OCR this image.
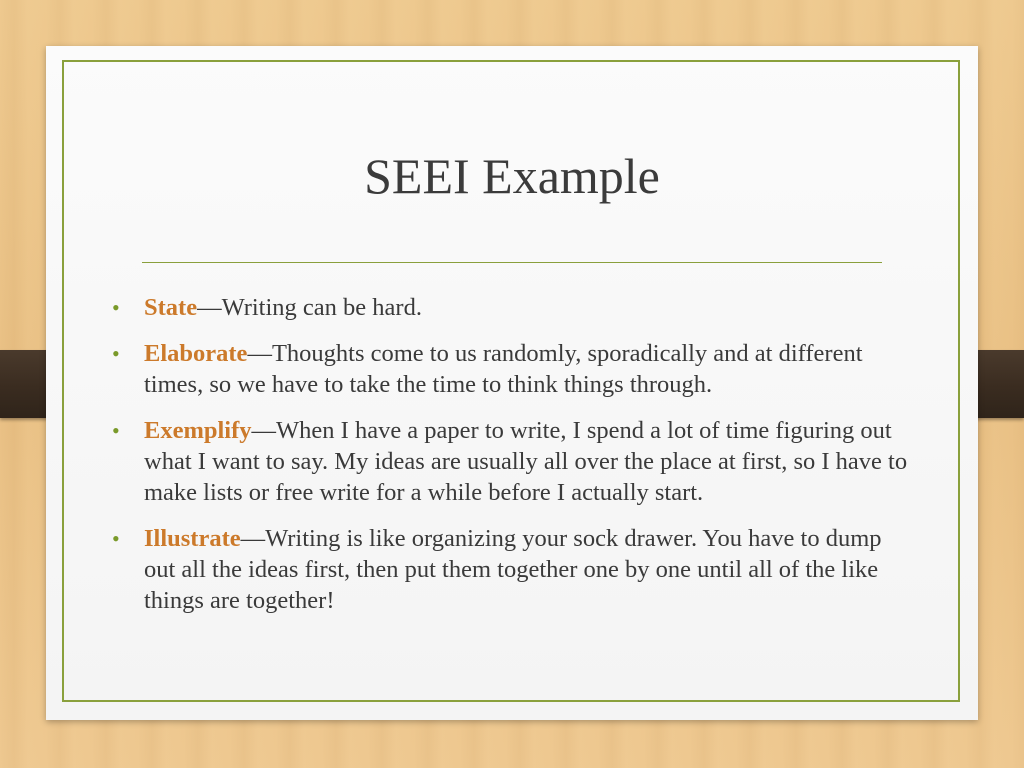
SEEI Example
• State—Writing can be hard.
• Elaborate—Thoughts come to us randomly, sporadically and at different times, so we have to take the time to think things through.
• Exemplify—When I have a paper to write, I spend a lot of time figuring out what I want to say. My ideas are usually all over the place at first, so I have to make lists or free write for a while before I actually start.
• Illustrate—Writing is like organizing your sock drawer. You have to dump out all the ideas first, then put them together one by one until all of the like things are together!
